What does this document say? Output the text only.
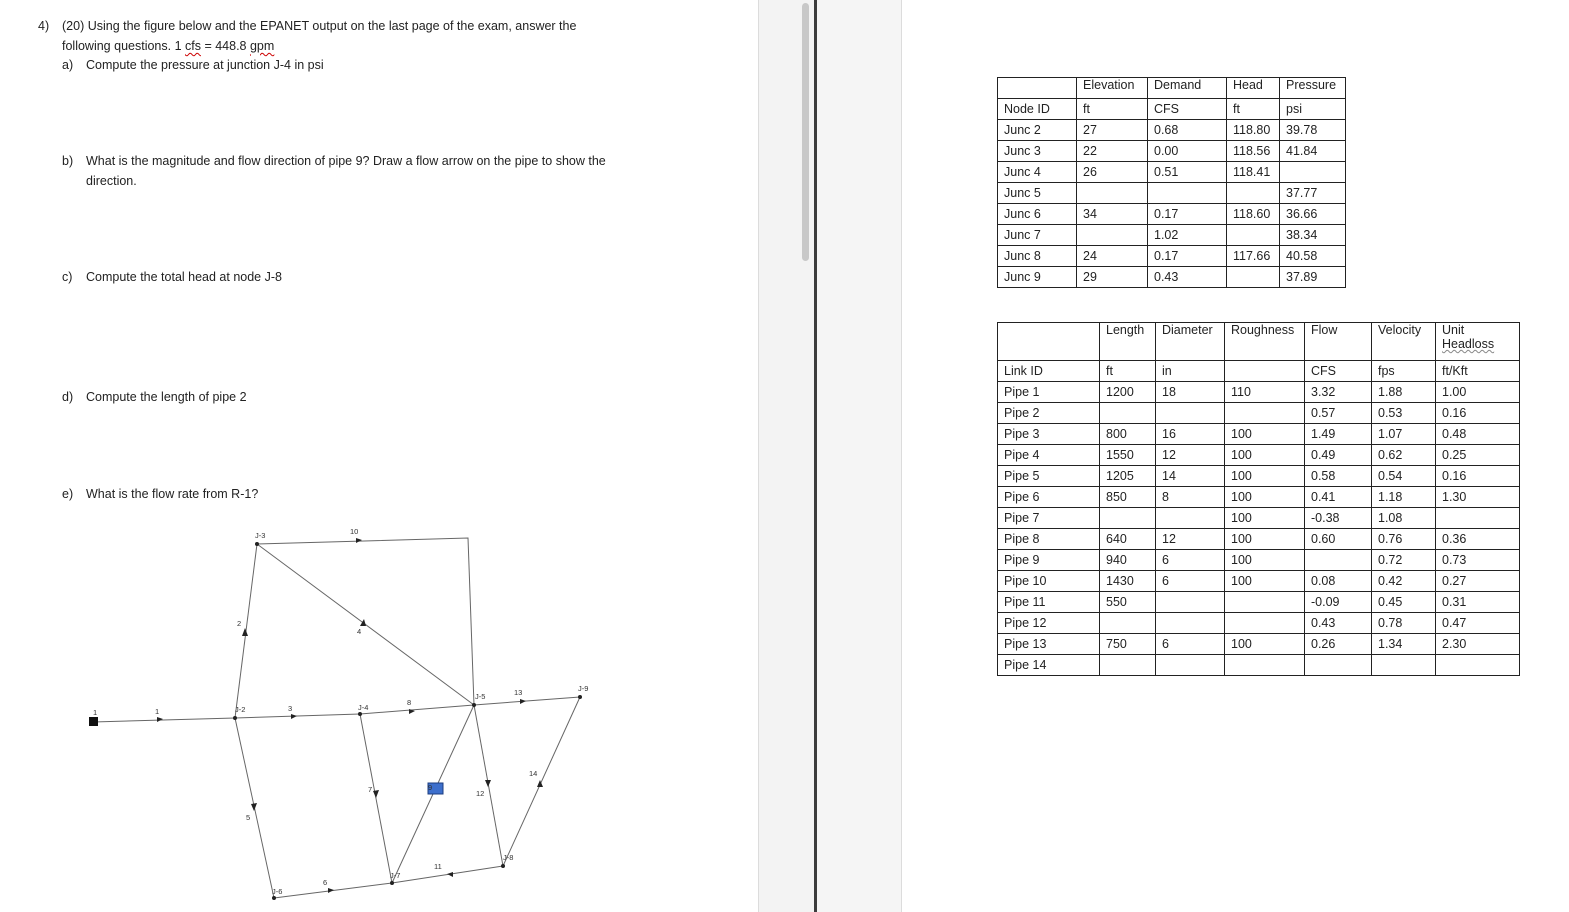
4) (20) Using the figure below and the EPANET output on the last page of the exam, answer the
following questions. 1 cfs = 448.8 gpm
a) Compute the pressure at junction J-4 in psi
b) What is the magnitude and flow direction of pipe 9? Draw a flow arrow on the pipe to show the
direction.
c) Compute the total head at node J-8
d) Compute the length of pipe 2
e) What is the flow rate from R-1?
1	J-2
J-3
J-4
J-5
J-6
J-7
J-8
J-9
1
2
3
4
5
6
7
8
9
10
11
12
13
14
	Elevation	Demand	Head	Pressure
Node ID	ft	CFS	ft	psi
Junc 2	27	0.68	118.80	39.78
Junc 3	22	0.00	118.56	41.84
Junc 4	26	0.51	118.41	
Junc 5				37.77
Junc 6	34	0.17	118.60	36.66
Junc 7		1.02		38.34
Junc 8	24	0.17	117.66	40.58
Junc 9	29	0.43		37.89
	Length	Diameter	Roughness	Flow	Velocity	Unit
Headloss

Link ID	ft	in		CFS	fps	ft/Kft
Pipe 1	1200	18	110	3.32	1.88	1.00
Pipe 2				0.57	0.53	0.16
Pipe 3	800	16	100	1.49	1.07	0.48
Pipe 4	1550	12	100	0.49	0.62	0.25
Pipe 5	1205	14	100	0.58	0.54	0.16
Pipe 6	850	8	100	0.41	1.18	1.30
Pipe 7			100	-0.38	1.08	
Pipe 8	640	12	100	0.60	0.76	0.36
Pipe 9	940	6	100		0.72	0.73
Pipe 10	1430	6	100	0.08	0.42	0.27
Pipe 11	550			-0.09	0.45	0.31
Pipe 12				0.43	0.78	0.47
Pipe 13	750	6	100	0.26	1.34	2.30
Pipe 14						
